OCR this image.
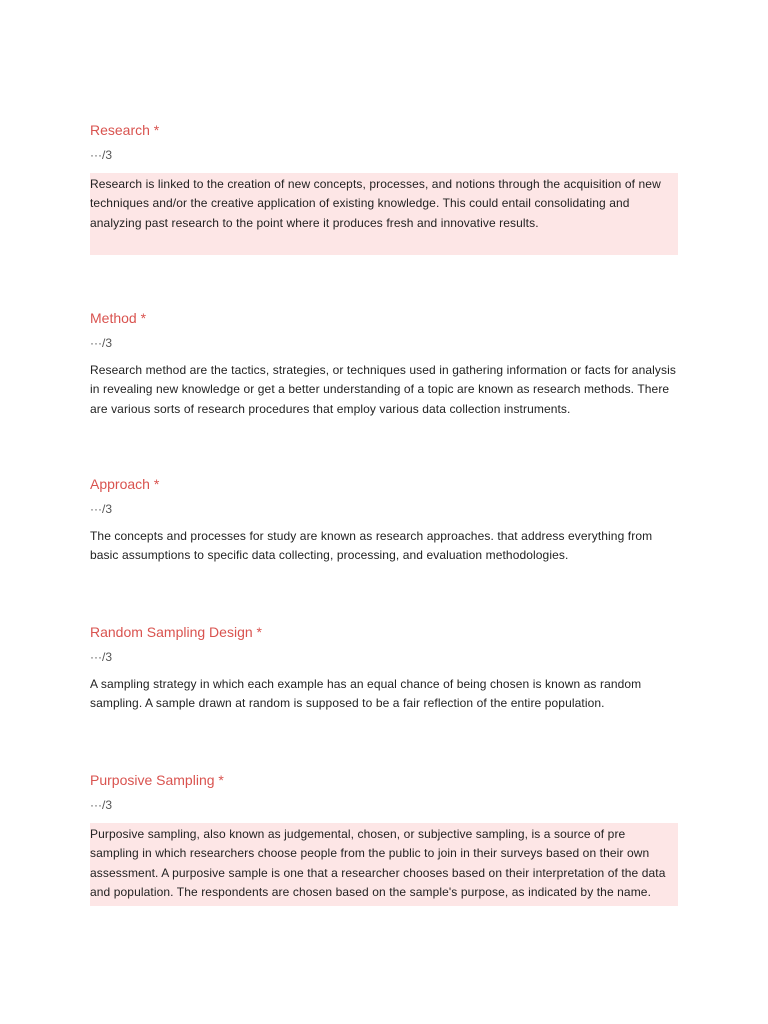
Research *
···/3
Research is linked to the creation of new concepts, processes, and notions through the acquisition of new techniques and/or the creative application of existing knowledge. This could entail consolidating and analyzing past research to the point where it produces fresh and innovative results.
Method *
···/3
Research method are the tactics, strategies, or techniques used in gathering information or facts for analysis in revealing new knowledge or get a better understanding of a topic are known as research methods. There are various sorts of research procedures that employ various data collection instruments.
Approach *
···/3
The concepts and processes for study are known as research approaches. that address everything from basic assumptions to specific data collecting, processing, and evaluation methodologies.
Random Sampling Design *
···/3
A sampling strategy in which each example has an equal chance of being chosen is known as random sampling. A sample drawn at random is supposed to be a fair reflection of the entire population.
Purposive Sampling *
···/3
Purposive sampling, also known as judgemental, chosen, or subjective sampling, is a source of pre sampling in which researchers choose people from the public to join in their surveys based on their own assessment. A purposive sample is one that a researcher chooses based on their interpretation of the data and population. The respondents are chosen based on the sample's purpose, as indicated by the name.
